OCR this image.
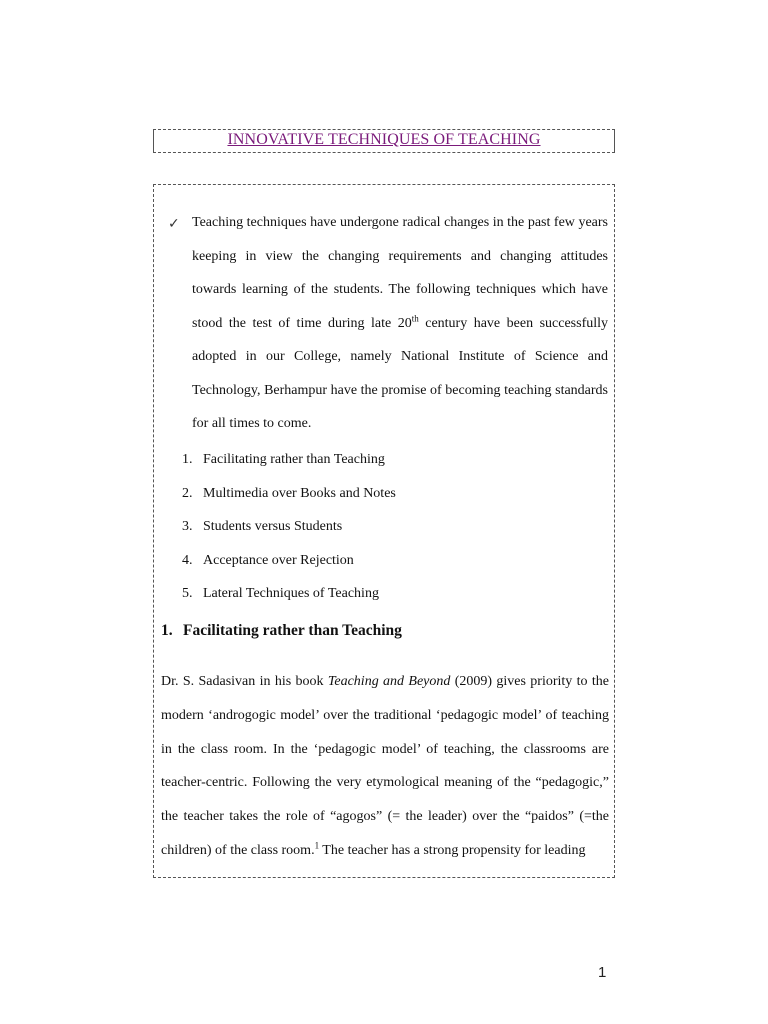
INNOVATIVE TECHNIQUES OF TEACHING
✓ Teaching techniques have undergone radical changes in the past few years keeping in view the changing requirements and changing attitudes towards learning of the students. The following techniques which have stood the test of time during late 20th century have been successfully adopted in our College, namely National Institute of Science and Technology, Berhampur have the promise of becoming teaching standards for all times to come.
1. Facilitating rather than Teaching
2. Multimedia over Books and Notes
3. Students versus Students
4. Acceptance over Rejection
5. Lateral Techniques of Teaching
1. Facilitating rather than Teaching

Dr. S. Sadasivan in his book Teaching and Beyond (2009) gives priority to the modern ‘androgogic model’ over the traditional ‘pedagogic model’ of teaching in the class room. In the ‘pedagogic model’ of teaching, the classrooms are teacher-centric. Following the very etymological meaning of the “pedagogic,” the teacher takes the role of “agogos” (= the leader) over the “paidos” (=the children) of the class room.$^1$ The teacher has a strong propensity for leading

1
